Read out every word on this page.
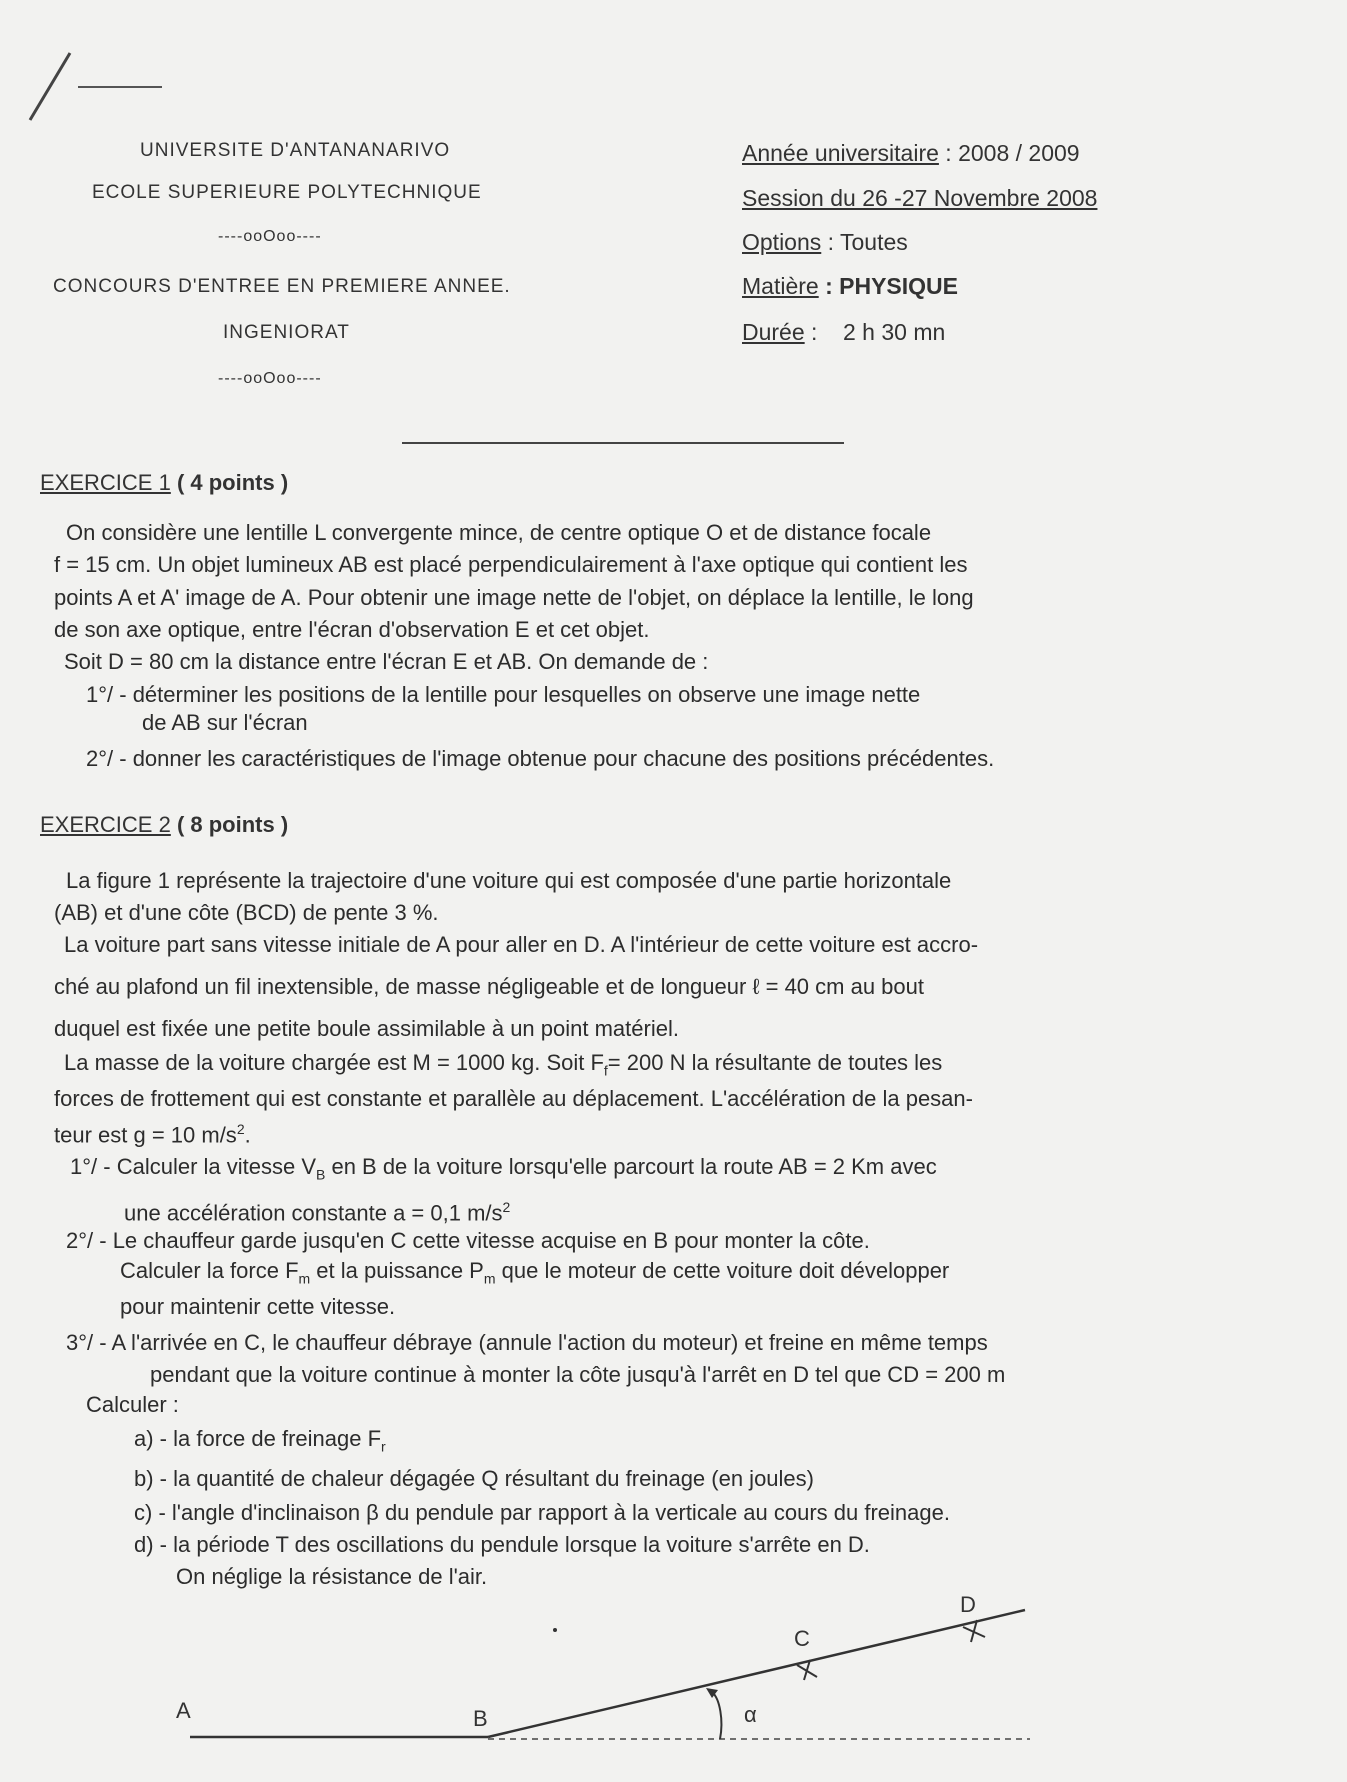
UNIVERSITE D'ANTANANARIVO
ECOLE SUPERIEURE POLYTECHNIQUE
----ooOoo----
CONCOURS D'ENTREE EN PREMIERE ANNEE.
INGENIORAT
----ooOoo----
Année universitaire : 2008 / 2009
Session du 26 -27 Novembre 2008
Options : Toutes
Matière : PHYSIQUE
Durée :    2 h 30 mn
EXERCICE 1 ( 4 points )
On considère une lentille L convergente mince, de centre optique O et de distance focale
f = 15 cm. Un objet lumineux AB est placé perpendiculairement à l'axe optique qui contient les
points A et A' image de A. Pour obtenir une image nette de l'objet, on déplace la lentille, le long
de son axe optique, entre l'écran d'observation E et cet objet.
Soit D = 80 cm la distance entre l'écran E et AB. On demande de :
1°/ - déterminer les positions de la lentille pour lesquelles on observe une image nette
de AB sur l'écran
2°/ - donner les caractéristiques de l'image obtenue pour chacune des positions précédentes.
EXERCICE 2 ( 8 points )
La figure 1 représente la trajectoire d'une voiture qui est composée d'une partie horizontale
(AB) et d'une côte (BCD) de pente 3 %.
La voiture part sans vitesse initiale de A pour aller en D. A l'intérieur de cette voiture est accro-
ché au plafond un fil inextensible, de masse négligeable et de longueur ℓ = 40 cm au bout
duquel est fixée une petite boule assimilable à un point matériel.
La masse de la voiture chargée est M = 1000 kg. Soit $F_f= 200$ N la résultante de toutes les
forces de frottement qui est constante et parallèle au déplacement. L'accélération de la pesan-
teur est g = 10 $m/s^2$.
1°/ - Calculer la vitesse $V_B$ en B de la voiture lorsqu'elle parcourt la route AB = 2 Km avec
une accélération constante a = 0,1 $m/s^2$
2°/ - Le chauffeur garde jusqu'en C cette vitesse acquise en B pour monter la côte.
Calculer la force $F_m$ et la puissance $P_m$ que le moteur de cette voiture doit développer
pour maintenir cette vitesse.
3°/ - A l'arrivée en C, le chauffeur débraye (annule l'action du moteur) et freine en même temps
pendant que la voiture continue à monter la côte jusqu'à l'arrêt en D tel que CD = 200 m
Calculer :
a) - la force de freinage $F_r$
b) - la quantité de chaleur dégagée Q résultant du freinage (en joules)
c) - l'angle d'inclinaison β du pendule par rapport à la verticale au cours du freinage.
d) - la période T des oscillations du pendule lorsque la voiture s'arrête en D.
On néglige la résistance de l'air.
A	B
C
D
α
